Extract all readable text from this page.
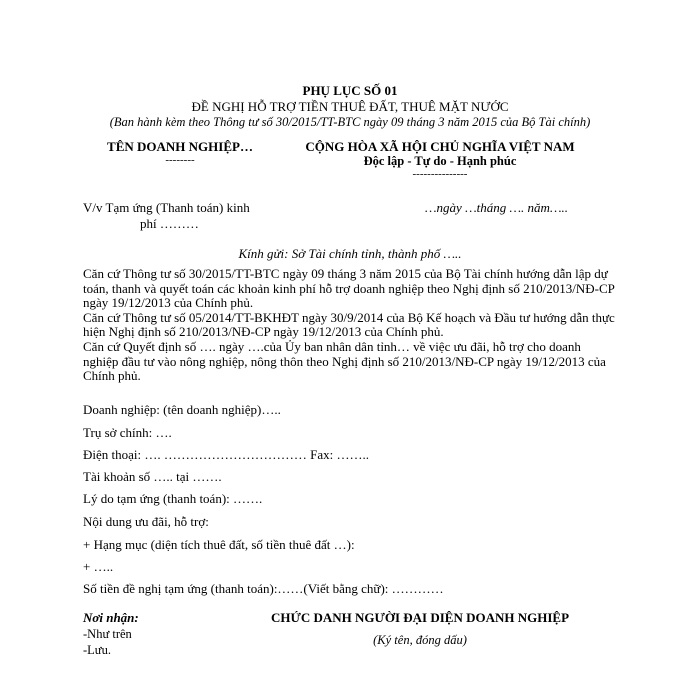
PHỤ LỤC SỐ 01
ĐỀ NGHỊ HỖ TRỢ TIỀN THUÊ ĐẤT, THUÊ MẶT NƯỚC
(Ban hành kèm theo Thông tư số 30/2015/TT-BTC ngày 09 tháng 3 năm 2015 của Bộ Tài chính)
TÊN DOANH NGHIỆP…
--------
CỘNG HÒA XÃ HỘI CHỦ NGHĨA VIỆT NAM
Độc lập - Tự do - Hạnh phúc
---------------
V/v Tạm ứng (Thanh toán) kinh
phí ………
…ngày …tháng …. năm…..
Kính gửi: Sở Tài chính tỉnh, thành phố …..
Căn cứ Thông tư số 30/2015/TT-BTC ngày 09 tháng 3 năm 2015 của Bộ Tài chính hướng dẫn lập dự toán, thanh và quyết toán các khoản kinh phí hỗ trợ doanh nghiệp theo Nghị định số 210/2013/NĐ-CP ngày 19/12/2013 của Chính phủ.
Căn cứ Thông tư số 05/2014/TT-BKHĐT ngày 30/9/2014 của Bộ Kế hoạch và Đầu tư hướng dẫn thực hiện Nghị định số 210/2013/NĐ-CP ngày 19/12/2013 của Chính phủ.
Căn cứ Quyết định số …. ngày ….của Ủy ban nhân dân tỉnh… về việc ưu đãi, hỗ trợ cho doanh nghiệp đầu tư vào nông nghiệp, nông thôn theo Nghị định số 210/2013/NĐ-CP ngày 19/12/2013 của Chính phủ.
Doanh nghiệp: (tên doanh nghiệp)…..
Trụ sở chính: ….
Điện thoại: …. …………………………… Fax: ……..
Tài khoản số ….. tại …….
Lý do tạm ứng (thanh toán): …….
Nội dung ưu đãi, hỗ trợ:
+ Hạng mục (diện tích thuê đất, số tiền thuê đất …):
+ …..
Số tiền đề nghị tạm ứng (thanh toán):……(Viết bằng chữ): …………
Nơi nhận:
-Như trên
-Lưu.
CHỨC DANH NGƯỜI ĐẠI DIỆN DOANH NGHIỆP
(Ký tên, đóng dấu)
